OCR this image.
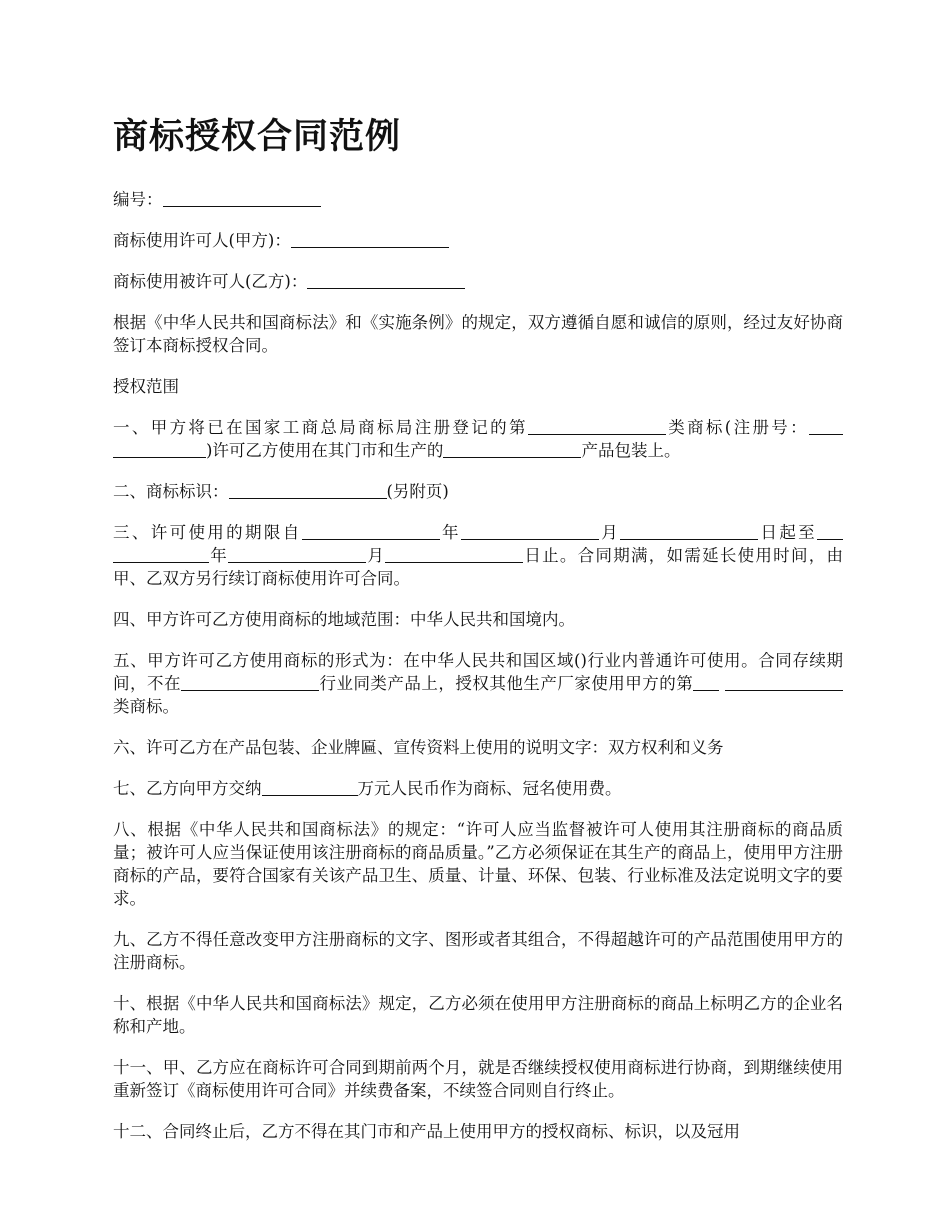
商标授权合同范例

编号：

商标使用许可人(甲方)：

商标使用被许可人(乙方)：

根据《中华人民共和国商标法》和《实施条例》的规定，双方遵循自愿和诚信的原则，经过友好协商签订本商标授权合同。

授权范围

一、甲方将已在国家工商总局商标局注册登记的第	类商标(注册号： )许可乙方使用在其门市和生产的	产品包装上。

二、商标标识：	(另附页)

三、许可使用的期限自	年	月	日起至 年	月	日止。合同期满，如需延长使用时间，由甲、乙双方另行续订商标使用许可合同。

四、甲方许可乙方使用商标的地域范围：中华人民共和国境内。

五、甲方许可乙方使用商标的形式为：在中华人民共和国区域()行业内普通许可使用。合同存续期间，不在	行业同类产品上，授权其他生产厂家使用甲方的第 类商标。

六、许可乙方在产品包装、企业牌匾、宣传资料上使用的说明文字：双方权利和义务

七、乙方向甲方交纳	万元人民币作为商标、冠名使用费。

八、根据《中华人民共和国商标法》的规定：“许可人应当监督被许可人使用其注册商标的商品质量；被许可人应当保证使用该注册商标的商品质量。”乙方必须保证在其生产的商品上，使用甲方注册商标的产品，要符合国家有关该产品卫生、质量、计量、环保、包装、行业标准及法定说明文字的要求。

九、乙方不得任意改变甲方注册商标的文字、图形或者其组合，不得超越许可的产品范围使用甲方的注册商标。

十、根据《中华人民共和国商标法》规定，乙方必须在使用甲方注册商标的商品上标明乙方的企业名称和产地。

十一、甲、乙方应在商标许可合同到期前两个月，就是否继续授权使用商标进行协商，到期继续使用重新签订《商标使用许可合同》并续费备案，不续签合同则自行终止。

十二、合同终止后，乙方不得在其门市和产品上使用甲方的授权商标、标识，以及冠用
